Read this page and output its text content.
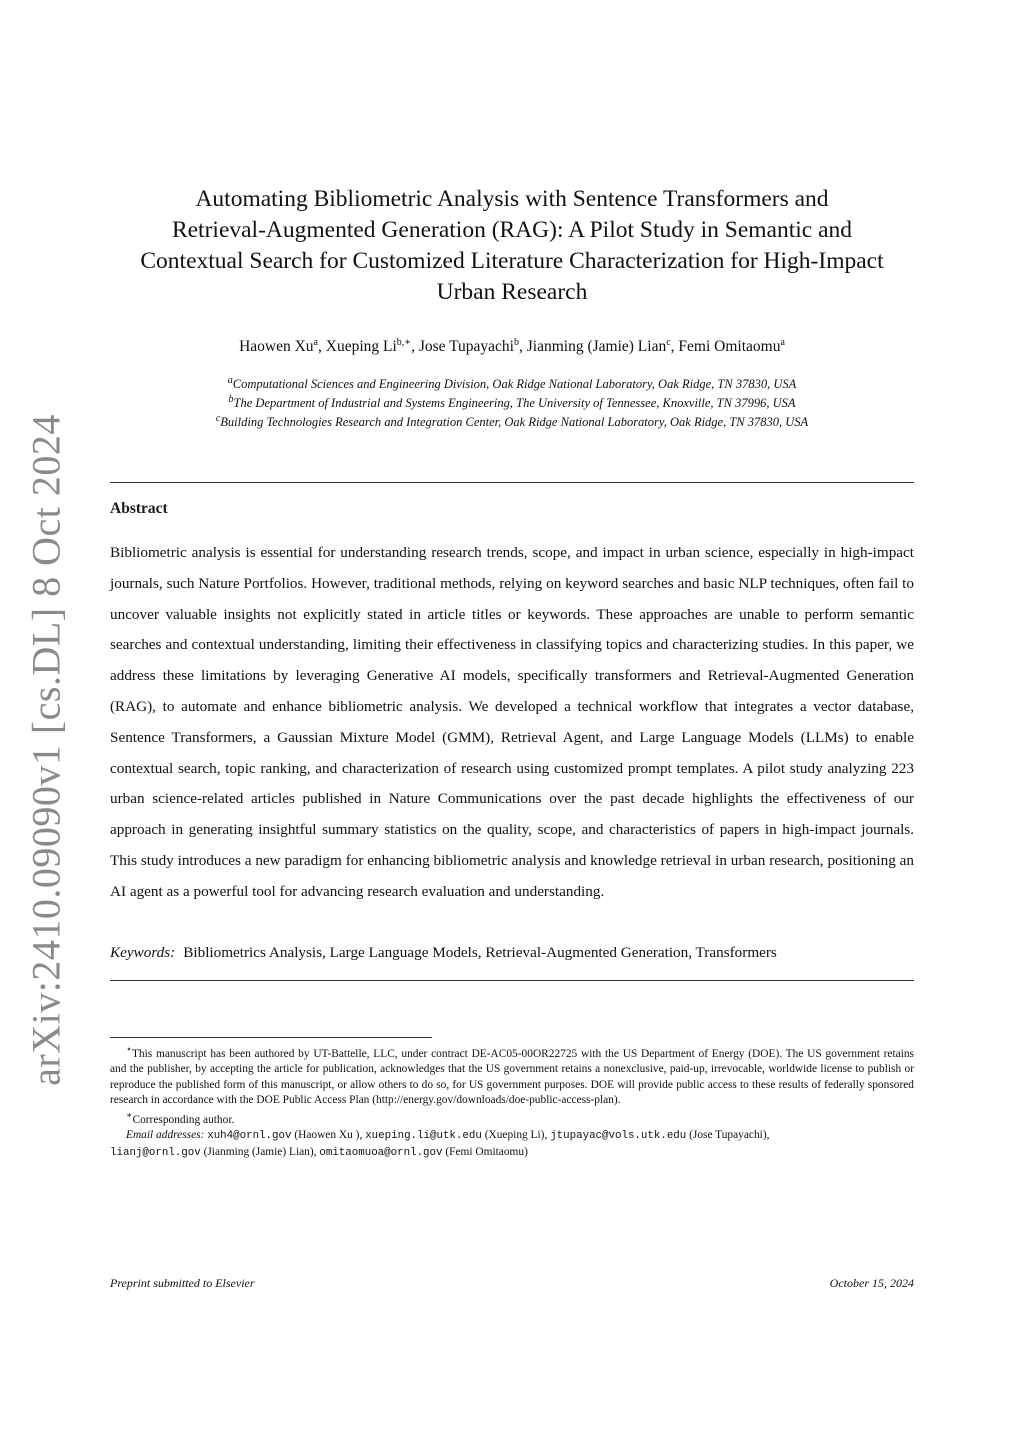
arXiv:2410.09090v1 [cs.DL] 8 Oct 2024
Automating Bibliometric Analysis with Sentence Transformers and
Retrieval-Augmented Generation (RAG): A Pilot Study in Semantic and
Contextual Search for Customized Literature Characterization for High-Impact
Urban Research
Haowen Xu$^a$, Xueping $Li^{b,∗}$, Jose Tupayachi$^b$, Jianming (Jamie) Lian$^c$, Femi Omitaomu$^a$
$^a$Computational Sciences and Engineering Division, Oak Ridge National Laboratory, Oak Ridge, TN 37830, USA
$^b$The Department of Industrial and Systems Engineering, The University of Tennessee, Knoxville, TN 37996, USA
$^c$Building Technologies Research and Integration Center, Oak Ridge National Laboratory, Oak Ridge, TN 37830, USA
Abstract
Bibliometric analysis is essential for understanding research trends, scope, and impact in urban science, especially in high-impact journals, such Nature Portfolios. However, traditional methods, relying on keyword searches and basic NLP techniques, often fail to uncover valuable insights not explicitly stated in article titles or keywords. These approaches are unable to perform semantic searches and contextual understanding, limiting their effectiveness in classifying topics and characterizing studies. In this paper, we address these limitations by leveraging Generative AI models, specifically transformers and Retrieval-Augmented Generation (RAG), to automate and enhance bibliometric analysis. We developed a technical workflow that integrates a vector database, Sentence Transformers, a Gaussian Mixture Model (GMM), Retrieval Agent, and Large Language Models (LLMs) to enable contextual search, topic ranking, and characterization of research using customized prompt templates. A pilot study analyzing 223 urban science-related articles published in Nature Communications over the past decade highlights the effectiveness of our approach in generating insightful summary statistics on the quality, scope, and characteristics of papers in high-impact journals. This study introduces a new paradigm for enhancing bibliometric analysis and knowledge retrieval in urban research, positioning an AI agent as a powerful tool for advancing research evaluation and understanding.
Keywords: Bibliometrics Analysis, Large Language Models, Retrieval-Augmented Generation, Transformers

⋆This manuscript has been authored by UT-Battelle, LLC, under contract DE-AC05-00OR22725 with the US Department of Energy (DOE). The US government retains and the publisher, by accepting the article for publication, acknowledges that the US government retains a nonexclusive, paid-up, irrevocable, worldwide license to publish or reproduce the published form of this manuscript, or allow others to do so, for US government purposes. DOE will provide public access to these results of federally sponsored research in accordance with the DOE Public Access Plan (http://energy.gov/downloads/doe-public-access-plan).

∗Corresponding author.

Email addresses: xuh4@ornl.gov (Haowen Xu ), xueping.li@utk.edu (Xueping Li), jtupayac@vols.utk.edu (Jose Tupayachi),

lianj@ornl.gov (Jianming (Jamie) Lian), omitaomuoa@ornl.gov (Femi Omitaomu)

Preprint submitted to Elsevier	October 15, 2024
